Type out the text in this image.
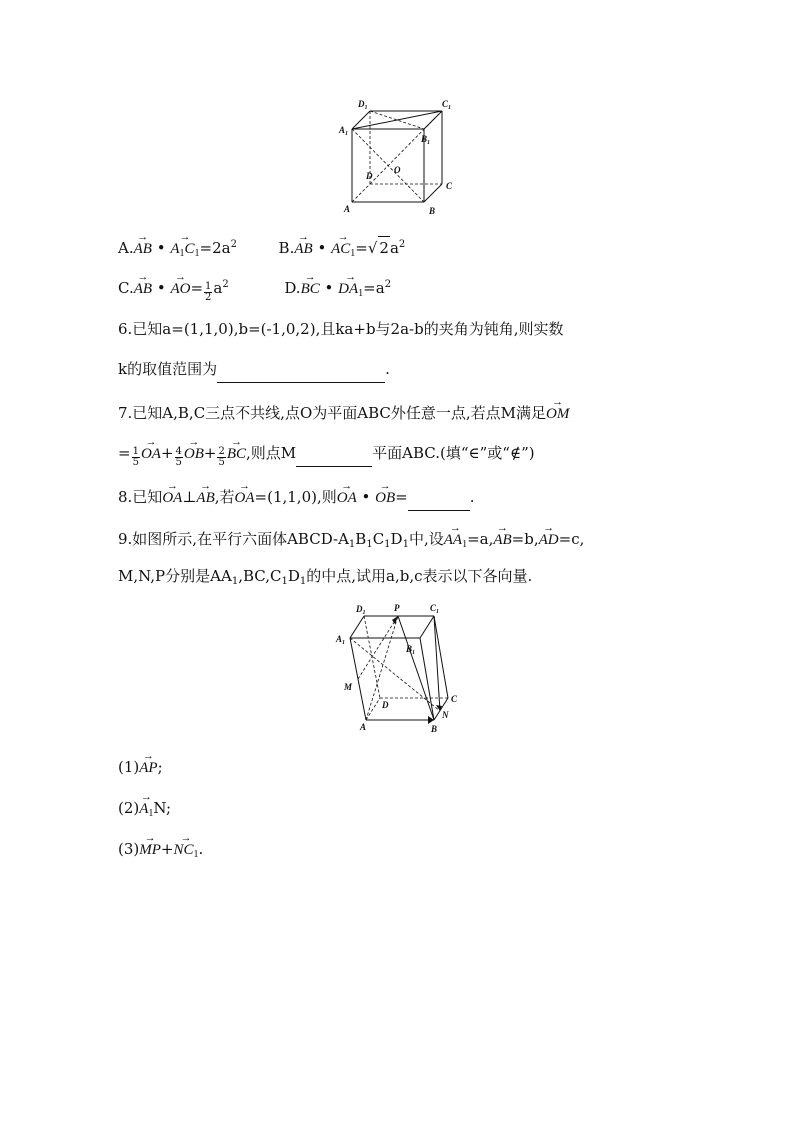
$D_1$	$C_1$
$A_1$	$B_1$
O
D
C
A	B
A.→ AB • → $A_1C_1=2a^2$	B.→ AB • → $AC_1=√$ $2a^2$
C.→ AB • → $AO= \frac{1}{2} a^2$	D.→ BC • → $DA_1=a^2$
6.已知a=(1,1,0),b=(-1,0,2),且ka+b与2a-b的夹角为钝角,则实数
k的取值范围为	.
7.已知A,B,C三点不共线,点O为平面ABC外任意一点,若点M满足→ OM
= $\frac{1}{5}$
→ $OA+ \frac{4}{5}$
→ $OB+ \frac{2}{5}$
→ BC,则点M	平面ABC.(填“∈”或“∉”)
8.已知→ OA⊥→ AB,若→ OA=(1,1,0),则→ OA • → OB=	.
9.如图所示,在平行六面体ABCD-$A_1B_1C_1D_1$中,设→ $AA_1=a,\to AB=b,\to AD=c$,
M,N,P分别是$AA_1,BC,C_1D_1$的中点,试用a,b,c表示以下各向量.
$D_1$	P	$C_1$
$A_1$
$B_1$
M
D
C
N
A	B
(1)→ AP;
$(2)\to A_1N$;
$(3)\to MP+\to NC_1$.
